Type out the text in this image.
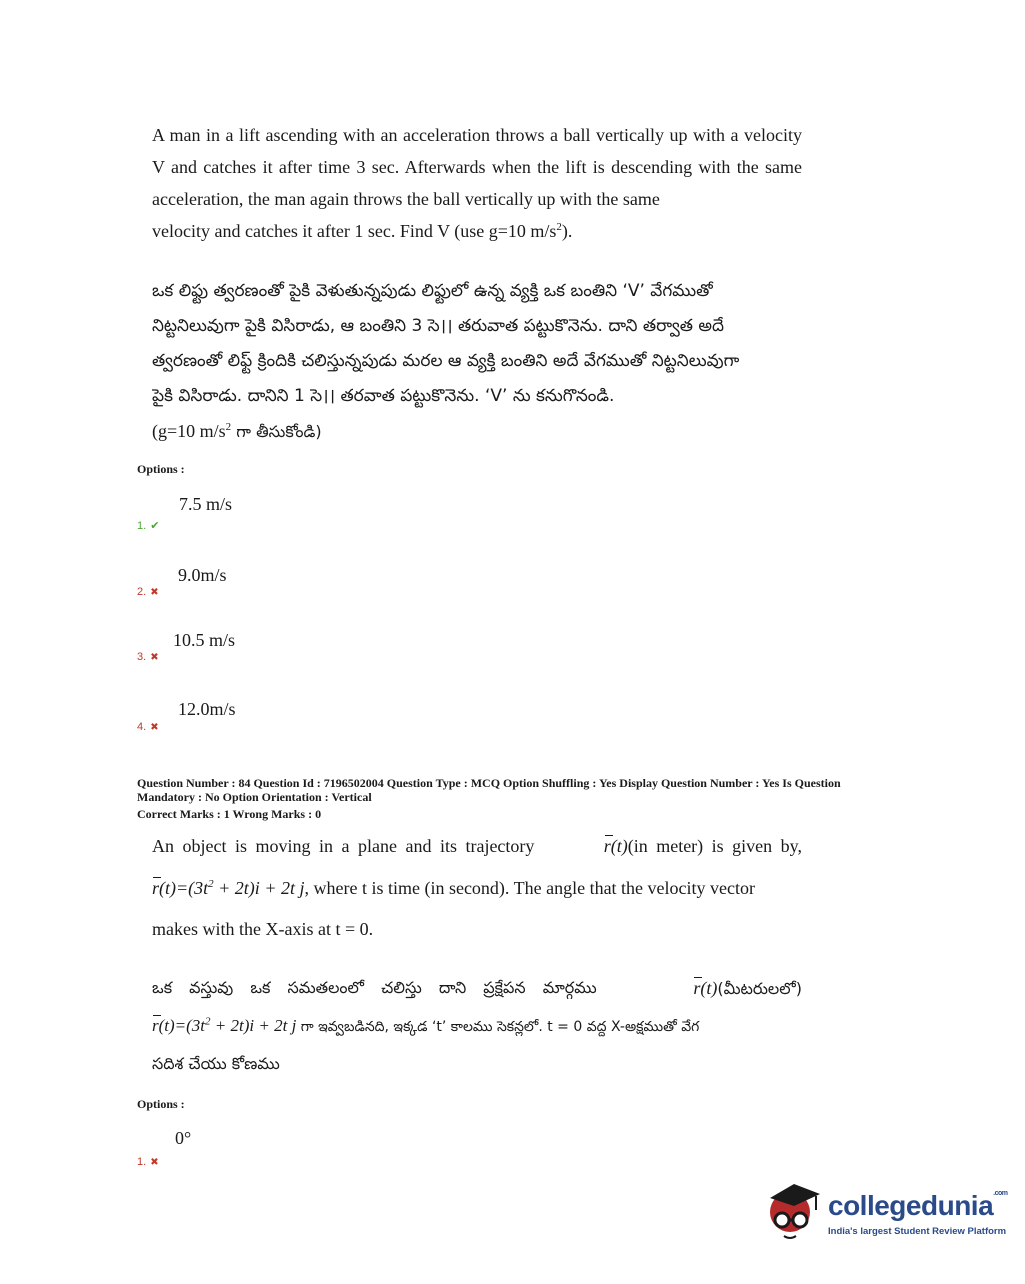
A man in a lift ascending with an acceleration throws a ball vertically up with a velocity V and catches it after time 3 sec. Afterwards when the lift is descending with the same acceleration, the man again throws the ball vertically up with the same
velocity and catches it after 1 sec. Find V (use g=10 $m/s^2$).
ఒక లిఫ్టు త్వరణంతో పైకి వెళుతున్నపుడు లిఫ్టులో ఉన్న వ్యక్తి ఒక బంతిని ‘V’ వేగముతో
నిట్టనిలువుగా పైకి విసిరాడు, ఆ బంతిని 3 సె।। తరువాత పట్టుకొనెను. దాని తర్వాత అదే
త్వరణంతో లిఫ్ట్ క్రిందికి చలిస్తున్నపుడు మరల ఆ వ్యక్తి బంతిని అదే వేగముతో నిట్టనిలువుగా
పైకి విసిరాడు. దానిని 1 సె।। తరవాత పట్టుకొనెను. ‘V’ ను కనుగొనండి.
(g=10 $m/s^2$ గా తీసుకోండి)
Options :
7.5 m/s
1. ✔
9.0m/s
2. ✖
10.5 m/s
3. ✖
12.0m/s
4. ✖
Question Number : 84 Question Id : 7196502004 Question Type : MCQ Option Shuffling : Yes Display Question Number : Yes Is Question
Mandatory : No Option Orientation : Vertical
Correct Marks : 1 Wrong Marks : 0
An object is moving in a plane and its trajectory	r(t)(in meter) is given by,
$r(t)=(3t^2 + 2t)i + 2t$ j, where t is time (in second). The angle that the velocity vector
makes with the X-axis at t = 0.
ఒక వస్తువు ఒక సమతలంలో చలిస్తు దాని ప్రక్షేపన మార్గము	r(t)(మీటరులలో)
$r(t)=(3t^2 + 2t)i + 2t$ j గా ఇవ్వబడినది, ఇక్కడ ‘t’ కాలము సెకన్లలో. t = 0 వద్ద X-అక్షముతో వేగ
సదిశ చేయు కోణము
Options :
0°
1. ✖
collegedunia$^{.com}$
India's largest Student Review Platform
